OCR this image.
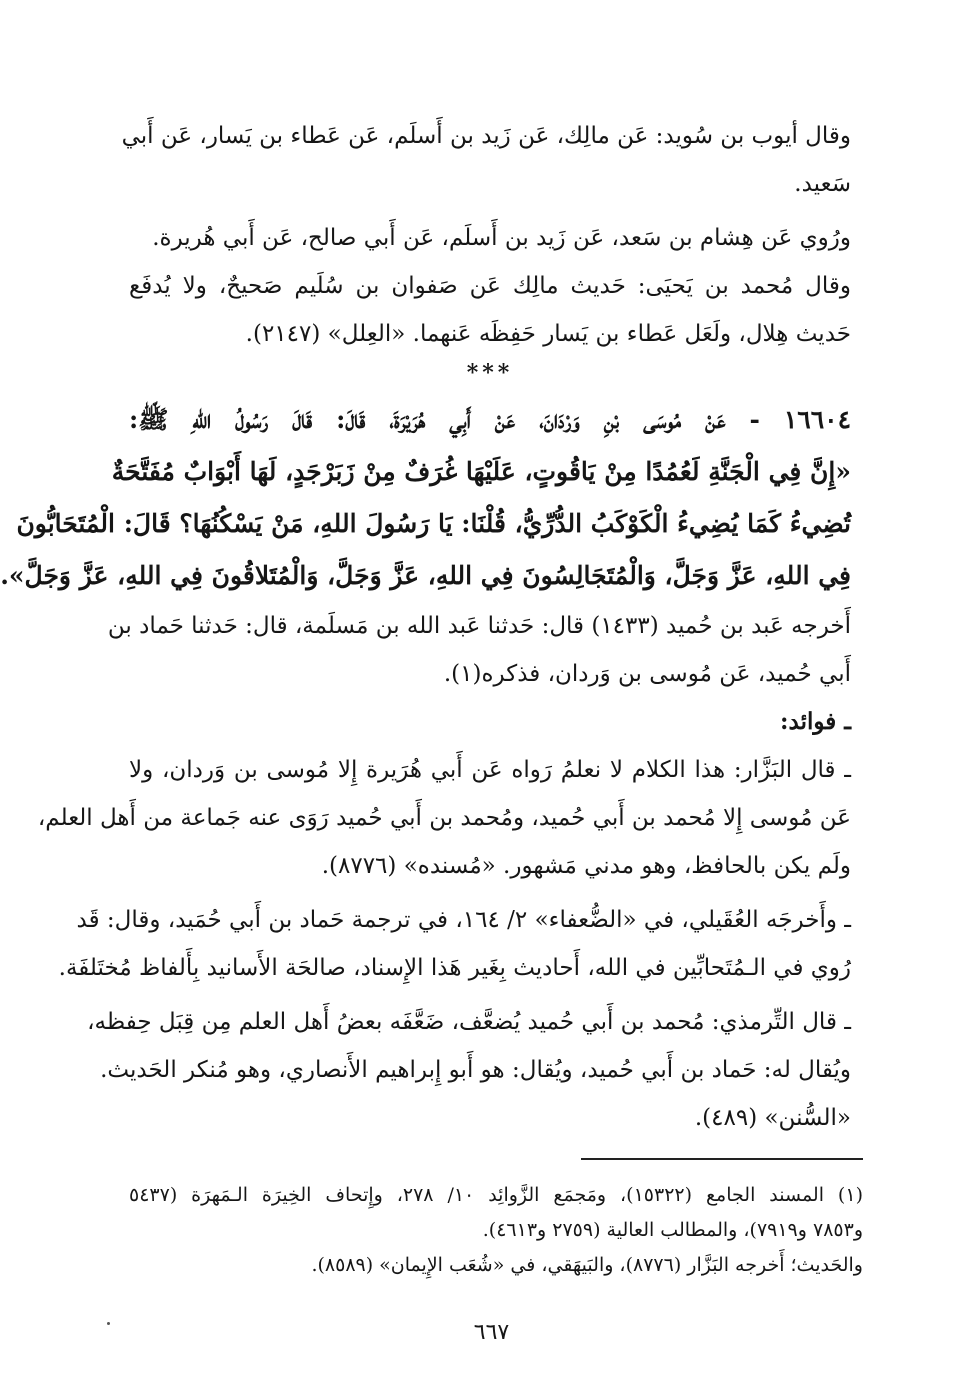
وقال أيوب بن سُويد: عَن مالِك، عَن زَيد بن أَسلَم، عَن عَطاء بن يَسار، عَن أَبي
سَعيد.
ورُوي عَن هِشام بن سَعد، عَن زَيد بن أَسلَم، عَن أَبي صالح، عَن أَبي هُريرة.
وقال مُحمد بن يَحيَى: حَديث مالِك عَن صَفوان بن سُلَيم صَحيحٌ، ولا يُدفَع
حَديث هِلال، ولَعَل عَطاء بن يَسار حَفِظَه عَنهما. «العِلل» (٢١٤٧).
***
١٦٦٠٤ - عَنْ مُوسَى بْنِ وَرْدَانَ، عَنْ أَبِي هُرَيْرَةَ، قَالَ: قَالَ رَسُولُ اللهِ ﷺ:
«إِنَّ فِي الْجَنَّةِ لَعُمُدًا مِنْ يَاقُوتٍ، عَلَيْهَا غُرَفٌ مِنْ زَبَرْجَدٍ، لَهَا أَبْوَابٌ مُفَتَّحَةٌ
تُضِيءُ كَمَا يُضِيءُ الْكَوْكَبُ الدُّرِّيُّ، قُلْنَا: يَا رَسُولَ اللهِ، مَنْ يَسْكُنُهَا؟ قَالَ: الْمُتَحَابُّونَ
فِي اللهِ، عَزَّ وَجَلَّ، وَالْمُتَجَالِسُونَ فِي اللهِ، عَزَّ وَجَلَّ، وَالْمُتَلاقُونَ فِي اللهِ، عَزَّ وَجَلَّ».
أَخرجه عَبد بن حُميد (١٤٣٣) قال: حَدثنا عَبد الله بن مَسلَمة، قال: حَدثنا حَماد بن
أَبي حُميد، عَن مُوسى بن وَردان، فذكره(١).
ـ فوائد:
ـ قال البَزَّار: هذا الكلام لا نعلمُ رَواه عَن أَبي هُرَيرة إِلا مُوسى بن وَردان، ولا
عَن مُوسى إِلا مُحمد بن أَبي حُميد، ومُحمد بن أَبي حُميد رَوَى عنه جَماعة من أَهل العلم،
ولَم يكن بالحافظ، وهو مدني مَشهور. «مُسنده» (٨٧٧٦).
ـ وأَخرجَه العُقَيلي، في «الضُّعفاء» ٢/ ١٦٤، في ترجمة حَماد بن أَبي حُمَيد، وقال: قَد
رُوي في الـمُتَحابِّين في الله، أَحاديث بِغَير هَذا الإِسناد، صالحَة الأَسانيد بِأَلفاظ مُختَلفَة.
ـ قال التِّرمذي: مُحمد بن أَبي حُميد يُضعَّف، ضَعَّفَه بعضُ أَهل العلم مِن قِبَل حِفظه،
ويُقال له: حَماد بن أَبي حُميد، ويُقال: هو أَبو إِبراهيم الأَنصاري، وهو مُنكر الحَديث.
«السُّنن» (٤٨٩).
(١) المسند الجامع (١٥٣٢٢)، ومَجمَع الزَّوائِد ١٠/ ٢٧٨، وإِتحاف الخِيرَة الـمَهرَة (٥٤٣٧
و٧٨٥٣ و٧٩١٩)، والمطالب العالية (٢٧٥٩ و٤٦١٣).
والحَديث؛ أَخرجه البَزَّار (٨٧٧٦)، والبَيهَقي، في «شُعَب الإِيمان» (٨٥٨٩).
٦٦٧
